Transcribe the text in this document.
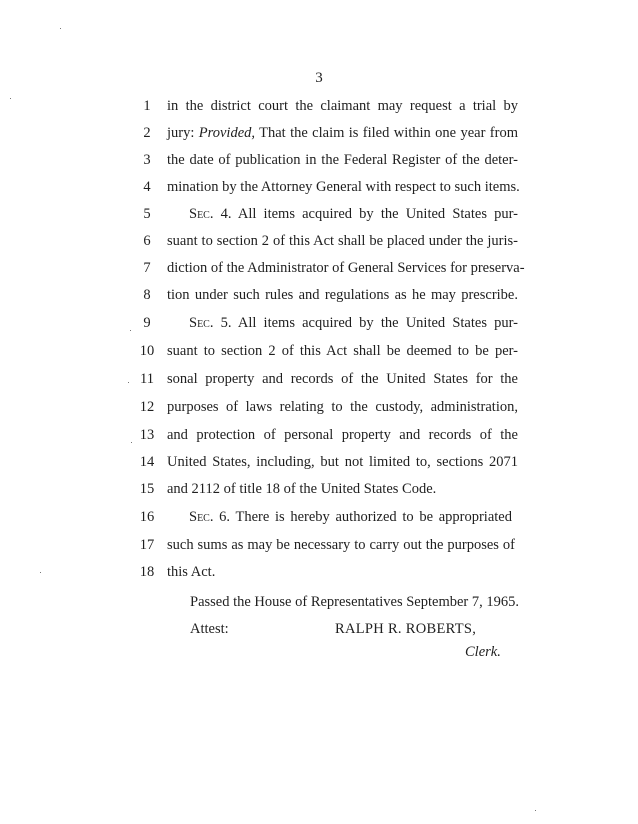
3
1	in the district court the claimant may request a trial by
2	jury: Provided, That the claim is filed within one year from
3	the date of publication in the Federal Register of the deter-
4	mination by the Attorney General with respect to such items.
5	Sec. 4. All items acquired by the United States pur-
6	suant to section 2 of this Act shall be placed under the juris-
7	diction of the Administrator of General Services for preserva-
8	tion under such rules and regulations as he may prescribe.
9	Sec. 5. All items acquired by the United States pur-
10 suant to section 2 of this Act shall be deemed to be per-
11 sonal property and records of the United States for the
12 purposes of laws relating to the custody, administration,
13 and protection of personal property and records of the
14 United States, including, but not limited to, sections 2071
15 and 2112 of title 18 of the United States Code.
16	Sec. 6. There is hereby authorized to be appropriated
17 such sums as may be necessary to carry out the purposes of
18 this Act.
Passed the House of Representatives September 7, 1965.
Attest:	RALPH R. ROBERTS,
Clerk.
